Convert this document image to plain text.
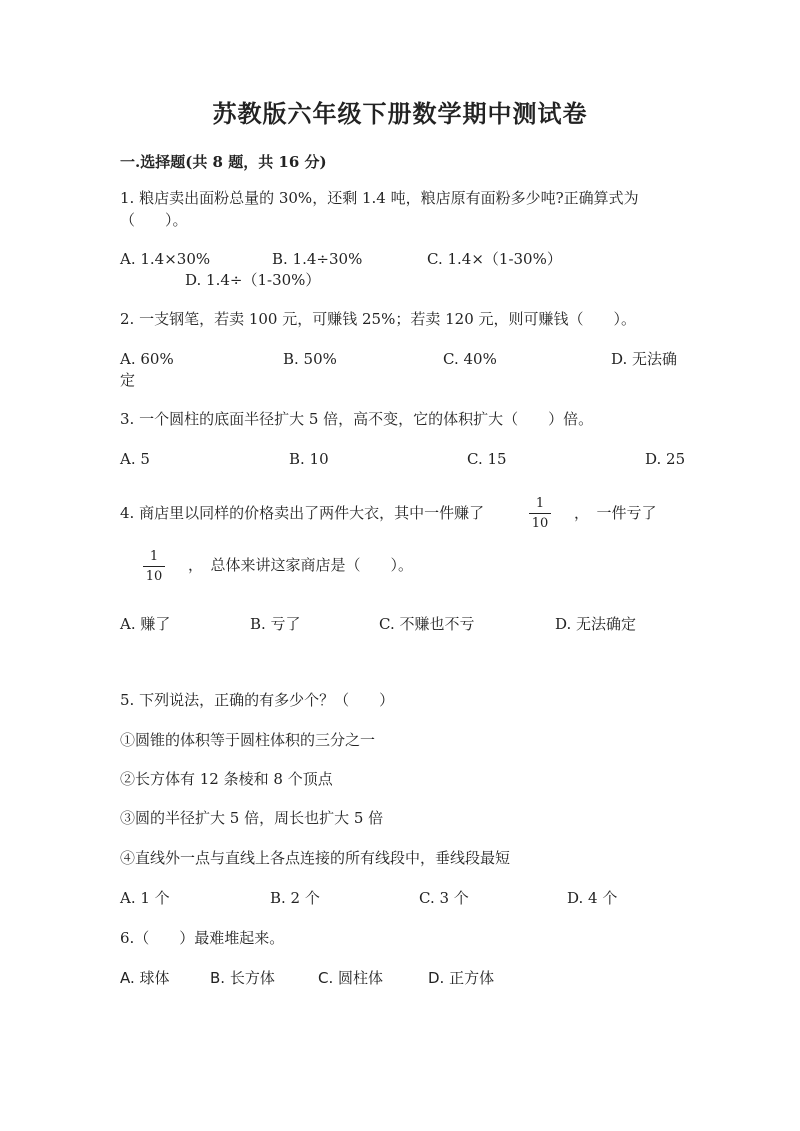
苏教版六年级下册数学期中测试卷
一.选择题(共 8 题，共 16 分)
1. 粮店卖出面粉总量的 30%，还剩 1.4 吨，粮店原有面粉多少吨?正确算式为
（　　）。
A. 1.4×30%	B. 1.4÷30%	C. 1.4×（1-30%）
D. 1.4÷（1-30%）
2. 一支钢笔，若卖 100 元，可赚钱 25%；若卖 120 元，则可赚钱（　　）。
A. 60%	B. 50%	C. 40%	D. 无法确
定
3. 一个圆柱的底面半径扩大 5 倍，高不变，它的体积扩大（　　）倍。
A. 5	B. 10	C. 15	D. 25
4. 商店里以同样的价格卖出了两件大衣，其中一件赚了
1
10
，　一件亏了
1
10
，　总体来讲这家商店是（　　）。
A. 赚了	B. 亏了	C. 不赚也不亏	D. 无法确定
5. 下列说法，正确的有多少个？（　　）
①圆锥的体积等于圆柱体积的三分之一
②长方体有 12 条棱和 8 个顶点
③圆的半径扩大 5 倍，周长也扩大 5 倍
④直线外一点与直线上各点连接的所有线段中，垂线段最短
A. 1 个	B. 2 个	C. 3 个	D. 4 个
6.（　　）最难堆起来。
A. 球体	B. 长方体	C. 圆柱体	D. 正方体
